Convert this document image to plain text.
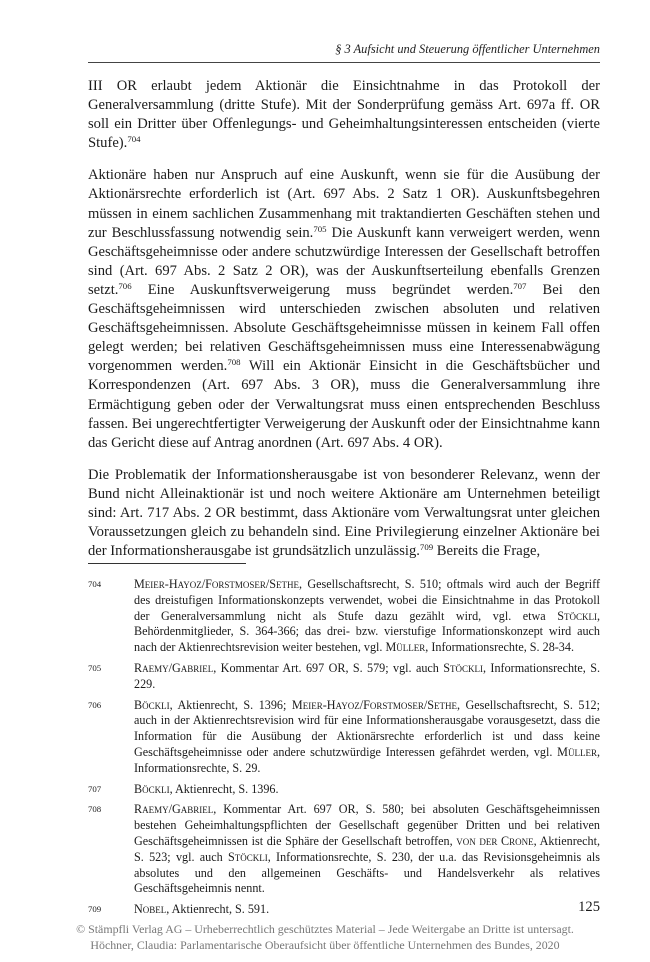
§ 3 Aufsicht und Steuerung öffentlicher Unternehmen

III OR erlaubt jedem Aktionär die Einsichtnahme in das Protokoll der Generalversammlung (dritte Stufe). Mit der Sonderprüfung gemäss Art. 697a ff. OR soll ein Dritter über Offenlegungs- und Geheimhaltungsinteressen entscheiden (vierte Stufe).$^{704}$

Aktionäre haben nur Anspruch auf eine Auskunft, wenn sie für die Ausübung der Aktionärsrechte erforderlich ist (Art. 697 Abs. 2 Satz 1 OR). Auskunftsbegehren müssen in einem sachlichen Zusammenhang mit traktandierten Geschäften stehen und zur Beschlussfassung notwendig sein.$^{705}$ Die Auskunft kann verweigert werden, wenn Geschäftsgeheimnisse oder andere schutzwürdige Interessen der Gesellschaft betroffen sind (Art. 697 Abs. 2 Satz 2 OR), was der Auskunftserteilung ebenfalls Grenzen setzt.$^{706}$ Eine Auskunftsverweigerung muss begründet werden.$^{707}$ Bei den Geschäftsgeheimnissen wird unterschieden zwischen absoluten und relativen Geschäftsgeheimnissen. Absolute Geschäftsgeheimnisse müssen in keinem Fall offen gelegt werden; bei relativen Geschäftsgeheimnissen muss eine Interessenabwägung vorgenommen werden.$^{708}$ Will ein Aktionär Einsicht in die Geschäftsbücher und Korrespondenzen (Art. 697 Abs. 3 OR), muss die Generalversammlung ihre Ermächtigung geben oder der Verwaltungsrat muss einen entsprechenden Beschluss fassen. Bei ungerechtfertigter Verweigerung der Auskunft oder der Einsichtnahme kann das Gericht diese auf Antrag anordnen (Art. 697 Abs. 4 OR).

Die Problematik der Informationsherausgabe ist von besonderer Relevanz, wenn der Bund nicht Alleinaktionär ist und noch weitere Aktionäre am Unternehmen beteiligt sind: Art. 717 Abs. 2 OR bestimmt, dass Aktionäre vom Verwaltungsrat unter gleichen Voraussetzungen gleich zu behandeln sind. Eine Privilegierung einzelner Aktionäre bei der Informationsherausgabe ist grundsätzlich unzulässig.$^{709}$ Bereits die Frage,

704	Meier-Hayoz/Forstmoser/Sethe, Gesellschaftsrecht, S. 510; oftmals wird auch der Begriff des dreistufigen Informationskonzepts verwendet, wobei die Einsichtnahme in das Protokoll der Generalversammlung nicht als Stufe dazu gezählt wird, vgl. etwa Stöckli, Behördenmitglieder, S. 364-366; das drei- bzw. vierstufige Informationskonzept wird auch nach der Aktienrechtsrevision weiter bestehen, vgl. Müller, Informationsrechte, S. 28-34.
705	Raemy/Gabriel, Kommentar Art. 697 OR, S. 579; vgl. auch Stöckli, Informationsrechte, S. 229.
706	Böckli, Aktienrecht, S. 1396; Meier-Hayoz/Forstmoser/Sethe, Gesellschaftsrecht, S. 512; auch in der Aktienrechtsrevision wird für eine Informationsherausgabe vorausgesetzt, dass die Information für die Ausübung der Aktionärsrechte erforderlich ist und dass keine Geschäftsgeheimnisse oder andere schutzwürdige Interessen gefährdet werden, vgl. Müller, Informationsrechte, S. 29.
707	Böckli, Aktienrecht, S. 1396.
708	Raemy/Gabriel, Kommentar Art. 697 OR, S. 580; bei absoluten Geschäftsgeheimnissen bestehen Geheimhaltungspflichten der Gesellschaft gegenüber Dritten und bei relativen Geschäftsgeheimnissen ist die Sphäre der Gesellschaft betroffen, von der Crone, Aktienrecht, S. 523; vgl. auch Stöckli, Informationsrechte, S. 230, der u.a. das Revisionsgeheimnis als absolutes und den allgemeinen Geschäfts- und Handelsverkehr als relatives Geschäftsgeheimnis nennt.
709	Nobel, Aktienrecht, S. 591.	125
© Stämpfli Verlag AG – Urheberrechtlich geschütztes Material – Jede Weitergabe an Dritte ist untersagt.
Höchner, Claudia: Parlamentarische Oberaufsicht über öffentliche Unternehmen des Bundes, 2020
